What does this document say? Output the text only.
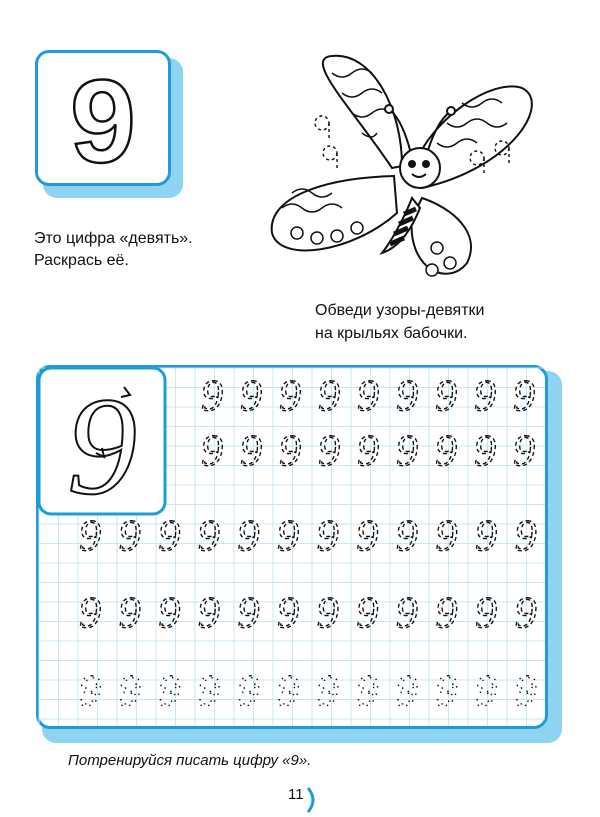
9
Это цифра «девять».
Раскрась её.
Обведи узоры-девятки
на крыльях бабочки.
9 9 9 9 9 9 9 9 9 9
9 9 9 9 9 9 9 9 9
9 9 9 9 9 9 9 9 9 9 9 9
9 9 9 9 9 9 9 9 9 9 9 9
9 9 9 9 9 9 9 9 9 9 9 9
Потренируйся писать цифру «9».
11
